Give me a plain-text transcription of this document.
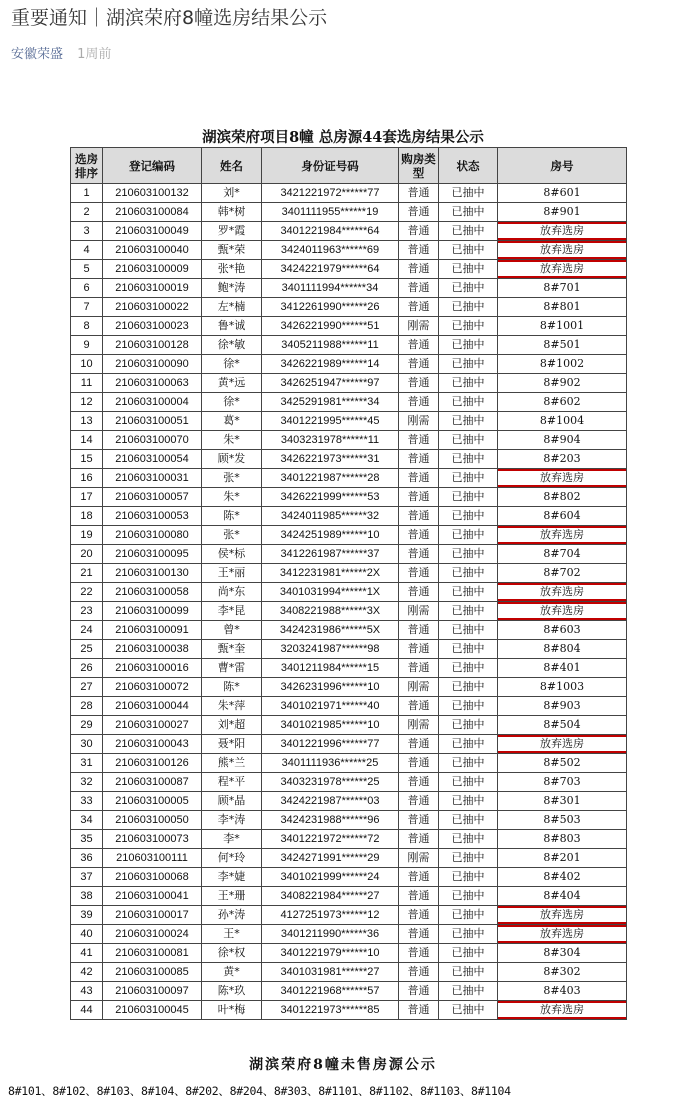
重要通知｜湖滨荣府8幢选房结果公示
安徽荣盛 1周前
湖滨荣府项目8幢 总房源44套选房结果公示
选房排序	登记编码	姓名	身份证号码	购房类型	状态	房号
1	210603100132	刘*	3421221972******77	普通	已抽中	8#601
2	210603100084	韩*树	3401111955******19	普通	已抽中	8#901
3	210603100049	罗*霞	3401221984******64	普通	已抽中	放弃选房

4	210603100040	甄*荣	3424011963******69	普通	已抽中	放弃选房

5	210603100009	张*艳	3424221979******64	普通	已抽中	放弃选房

6	210603100019	鲍*涛	3401111994******34	普通	已抽中	8#701
7	210603100022	左*楠	3412261990******26	普通	已抽中	8#801
8	210603100023	鲁*诚	3426221990******51	刚需	已抽中	8#1001
9	210603100128	徐*敏	3405211988******11	普通	已抽中	8#501
10	210603100090	徐*	3426221989******14	普通	已抽中	8#1002
11	210603100063	黄*远	3426251947******97	普通	已抽中	8#902
12	210603100004	徐*	3425291981******34	普通	已抽中	8#602
13	210603100051	葛*	3401221995******45	刚需	已抽中	8#1004
14	210603100070	朱*	3403231978******11	普通	已抽中	8#904
15	210603100054	顾*发	3426221973******31	普通	已抽中	8#203
16	210603100031	张*	3401221987******28	普通	已抽中	放弃选房

17	210603100057	朱*	3426221999******53	普通	已抽中	8#802
18	210603100053	陈*	3424011985******32	普通	已抽中	8#604
19	210603100080	张*	3424251989******10	普通	已抽中	放弃选房

20	210603100095	侯*标	3412261987******37	普通	已抽中	8#704
21	210603100130	王*丽	3412231981******2X	普通	已抽中	8#702
22	210603100058	尚*东	3401031994******1X	普通	已抽中	放弃选房

23	210603100099	李*昆	3408221988******3X	刚需	已抽中	放弃选房

24	210603100091	曾*	3424231986******5X	普通	已抽中	8#603
25	210603100038	甄*奎	3203241987******98	普通	已抽中	8#804
26	210603100016	曹*雷	3401211984******15	普通	已抽中	8#401
27	210603100072	陈*	3426231996******10	刚需	已抽中	8#1003
28	210603100044	朱*萍	3401021971******40	普通	已抽中	8#903
29	210603100027	刘*超	3401021985******10	刚需	已抽中	8#504
30	210603100043	聂*阳	3401221996******77	普通	已抽中	放弃选房

31	210603100126	熊*兰	3401111936******25	普通	已抽中	8#502
32	210603100087	程*平	3403231978******25	普通	已抽中	8#703
33	210603100005	顾*晶	3424221987******03	普通	已抽中	8#301
34	210603100050	李*涛	3424231988******96	普通	已抽中	8#503
35	210603100073	李*	3401221972******72	普通	已抽中	8#803
36	210603100111	何*玲	3424271991******29	刚需	已抽中	8#201
37	210603100068	李*婕	3401021999******24	普通	已抽中	8#402
38	210603100041	王*珊	3408221984******27	普通	已抽中	8#404
39	210603100017	孙*涛	4127251973******12	普通	已抽中	放弃选房

40	210603100024	王*	3401211990******36	普通	已抽中	放弃选房

41	210603100081	徐*权	3401221979******10	普通	已抽中	8#304
42	210603100085	黄*	3401031981******27	普通	已抽中	8#302
43	210603100097	陈*玖	3401221968******57	普通	已抽中	8#403
44	210603100045	叶*梅	3401221973******85	普通	已抽中	放弃选房
湖滨荣府8幢未售房源公示
8#101、8#102、8#103、8#104、8#202、8#204、8#303、8#1101、8#1102、8#1103、8#1104
